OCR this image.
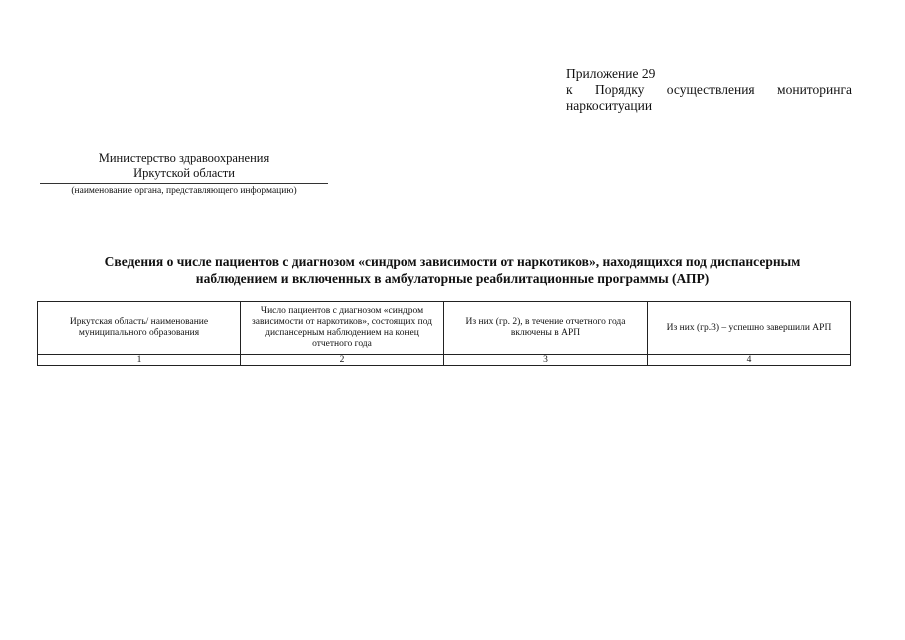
Приложение 29
к Порядку осуществления мониторинга
наркоситуации
Министерство здравоохранения
Иркутской области
(наименование органа, представляющего информацию)
Сведения о числе пациентов с диагнозом «синдром зависимости от наркотиков», находящихся под диспансерным
наблюдением и включенных в амбулаторные реабилитационные программы (АПР)
Иркутская область/ наименование муниципального образования	Число пациентов с диагнозом «синдром зависимости от наркотиков», состоящих под диспансерным наблюдением на конец отчетного года	Из них (гр. 2), в течение отчетного года включены в АРП	Из них (гр.3) – успешно завершили АРП
1	2	3	4
